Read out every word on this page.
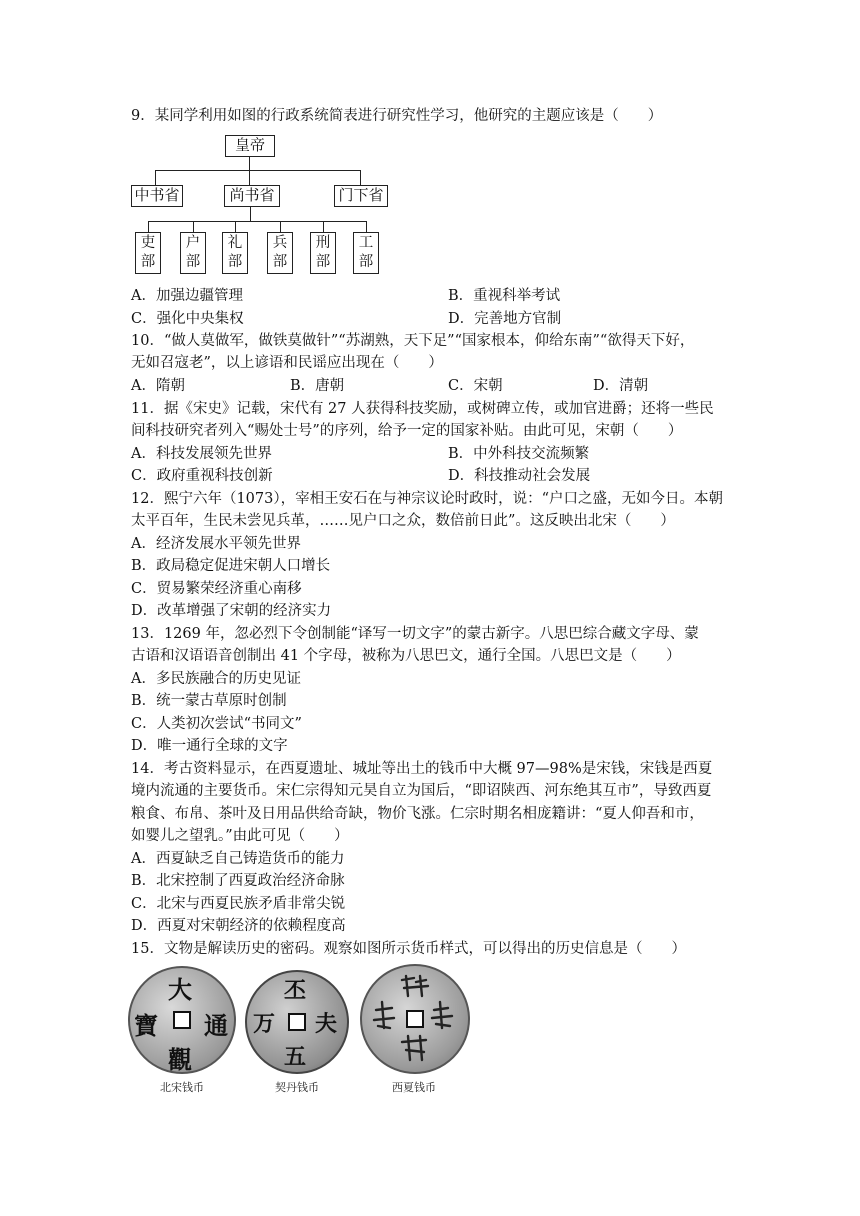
9．某同学利用如图的行政系统简表进行研究性学习，他研究的主题应该是（　　）
皇帝
中书省	尚书省	门下省
吏
部
户
部
礼
部
兵
部
刑
部
工
部
A．加强边疆管理	B．重视科举考试
C．强化中央集权	D．完善地方官制
10．“做人莫做军，做铁莫做针”“苏湖熟，天下足”“国家根本，仰给东南”“欲得天下好，
无如召寇老”，以上谚语和民谣应出现在（　　）
A．隋朝	B．唐朝	C．宋朝	D．清朝
11．据《宋史》记载，宋代有 27 人获得科技奖励，或树碑立传，或加官进爵；还将一些民
间科技研究者列入“赐处士号”的序列，给予一定的国家补贴。由此可见，宋朝（　　）
A．科技发展领先世界	B．中外科技交流频繁
C．政府重视科技创新	D．科技推动社会发展
12．熙宁六年（1073），宰相王安石在与神宗议论时政时，说：“户口之盛，无如今日。本朝
太平百年，生民未尝见兵革，……见户口之众，数倍前日此”。这反映出北宋（　　）
A．经济发展水平领先世界
B．政局稳定促进宋朝人口增长
C．贸易繁荣经济重心南移
D．改革增强了宋朝的经济实力
13．1269 年，忽必烈下令创制能“译写一切文字”的蒙古新字。八思巴综合藏文字母、蒙
古语和汉语语音创制出 41 个字母，被称为八思巴文，通行全国。八思巴文是（　　）
A．多民族融合的历史见证
B．统一蒙古草原时创制
C．人类初次尝试“书同文”
D．唯一通行全球的文字
14．考古资料显示，在西夏遗址、城址等出土的钱币中大概 97—98%是宋钱，宋钱是西夏
境内流通的主要货币。宋仁宗得知元昊自立为国后，“即诏陕西、河东绝其互市”，导致西夏
粮食、布帛、茶叶及日用品供给奇缺，物价飞涨。仁宗时期名相庞籍讲：“夏人仰吾和市，
如婴儿之望乳。”由此可见（　　）
A．西夏缺乏自己铸造货币的能力
B．北宋控制了西夏政治经济命脉
C．北宋与西夏民族矛盾非常尖锐
D．西夏对宋朝经济的依赖程度高
15．文物是解读历史的密码。观察如图所示货币样式，可以得出的历史信息是（　　）
大
通
觀
寶
北宋钱币
丕
夫
五
万
契丹钱币	西夏钱币
